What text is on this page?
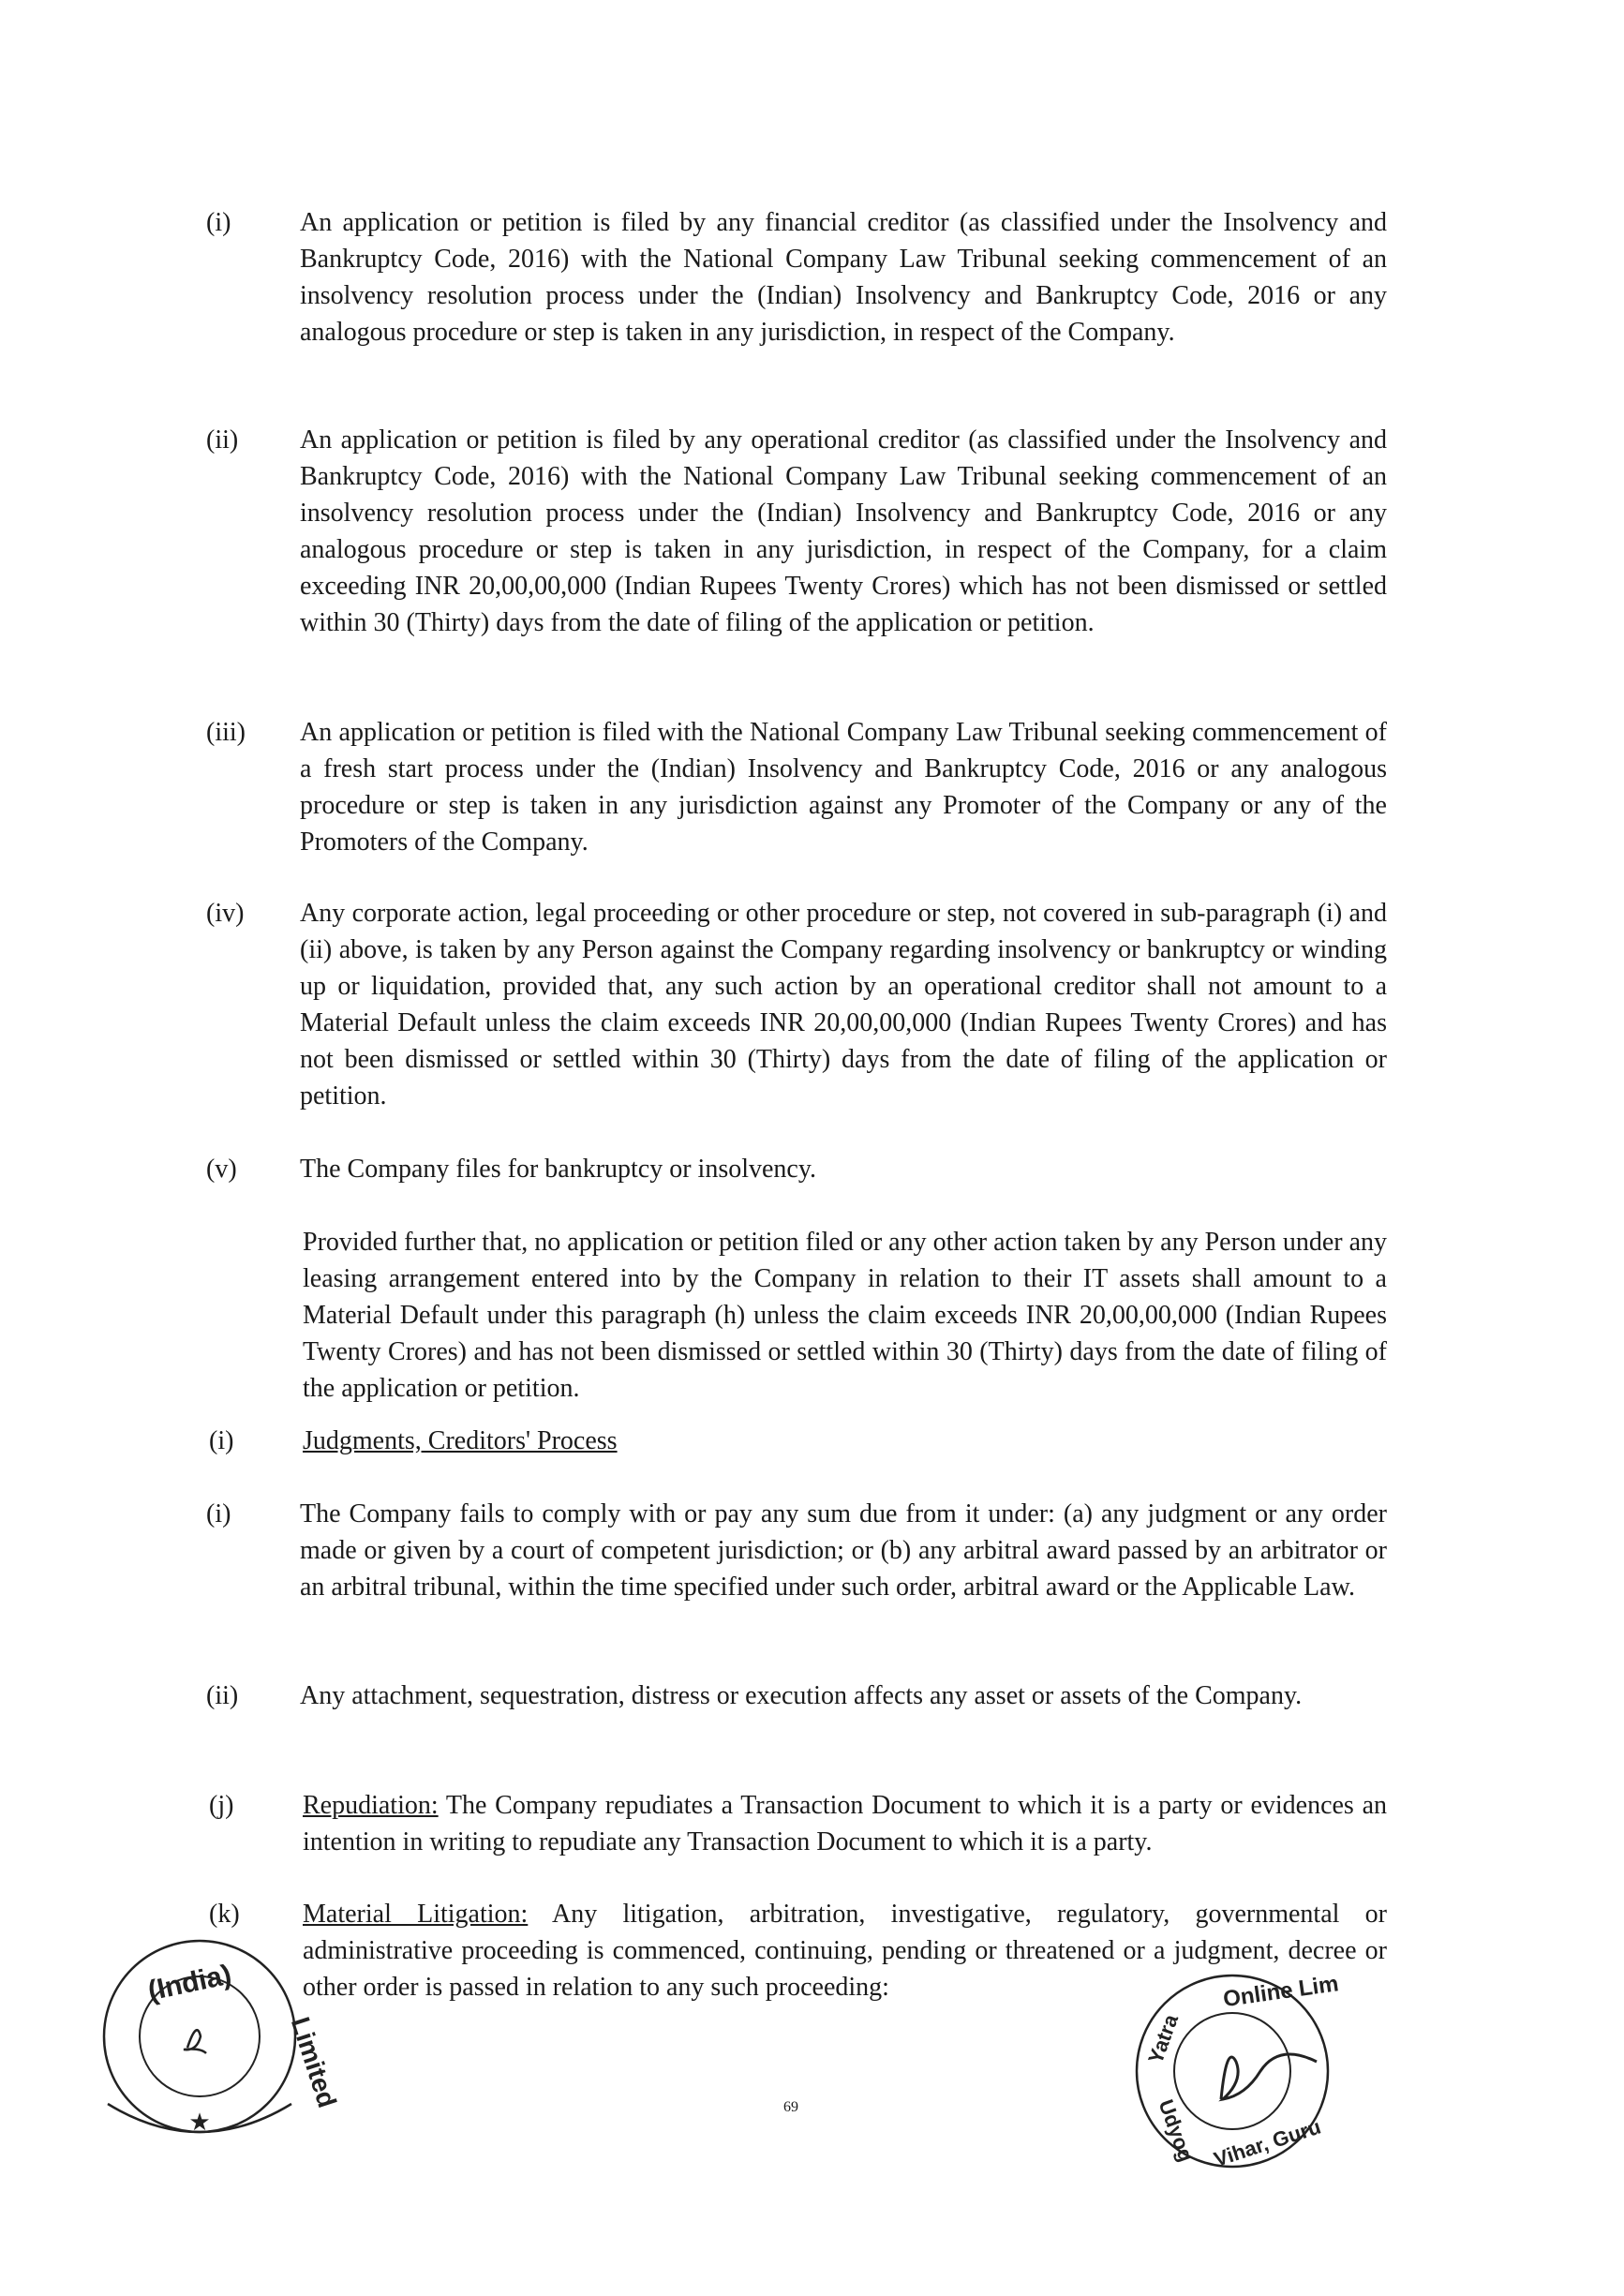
(i)	An application or petition is filed by any financial creditor (as classified under the Insolvency and Bankruptcy Code, 2016) with the National Company Law Tribunal seeking commencement of an insolvency resolution process under the (Indian) Insolvency and Bankruptcy Code, 2016 or any analogous procedure or step is taken in any jurisdiction, in respect of the Company.

(ii) An application or petition is filed by any operational creditor (as classified under the Insolvency and Bankruptcy Code, 2016) with the National Company Law Tribunal seeking commencement of an insolvency resolution process under the (Indian) Insolvency and Bankruptcy Code, 2016 or any analogous procedure or step is taken in any jurisdiction, in respect of the Company, for a claim exceeding INR 20,00,00,000 (Indian Rupees Twenty Crores) which has not been dismissed or settled within 30 (Thirty) days from the date of filing of the application or petition.

(iii) An application or petition is filed with the National Company Law Tribunal seeking commencement of a fresh start process under the (Indian) Insolvency and Bankruptcy Code, 2016 or any analogous procedure or step is taken in any jurisdiction against any Promoter of the Company or any of the Promoters of the Company.

(iv) Any corporate action, legal proceeding or other procedure or step, not covered in sub-paragraph (i) and (ii) above, is taken by any Person against the Company regarding insolvency or bankruptcy or winding up or liquidation, provided that, any such action by an operational creditor shall not amount to a Material Default unless the claim exceeds INR 20,00,00,000 (Indian Rupees Twenty Crores) and has not been dismissed or settled within 30 (Thirty) days from the date of filing of the application or petition.

(v) The Company files for bankruptcy or insolvency.

Provided further that, no application or petition filed or any other action taken by any Person under any leasing arrangement entered into by the Company in relation to their IT assets shall amount to a Material Default under this paragraph (h) unless the claim exceeds INR 20,00,00,000 (Indian Rupees Twenty Crores) and has not been dismissed or settled within 30 (Thirty) days from the date of filing of the application or petition.

(i)	Judgments, Creditors' Process

(i)	The Company fails to comply with or pay any sum due from it under: (a) any judgment or any order made or given by a court of competent jurisdiction; or (b) any arbitral award passed by an arbitrator or an arbitral tribunal, within the time specified under such order, arbitral award or the Applicable Law.

(ii) Any attachment, sequestration, distress or execution affects any asset or assets of the Company.

(j)	Repudiation: The Company repudiates a Transaction Document to which it is a party or evidences an intention in writing to repudiate any Transaction Document to which it is a party.

(k) Material Litigation: Any litigation, arbitration, investigative, regulatory, governmental or administrative proceeding is commenced, continuing, pending or threatened or a judgment, decree or other order is passed in relation to any such proceeding:

69
(India)
Limited
★
Online Lim
Yatra
Vihar, Guru
Udyog
